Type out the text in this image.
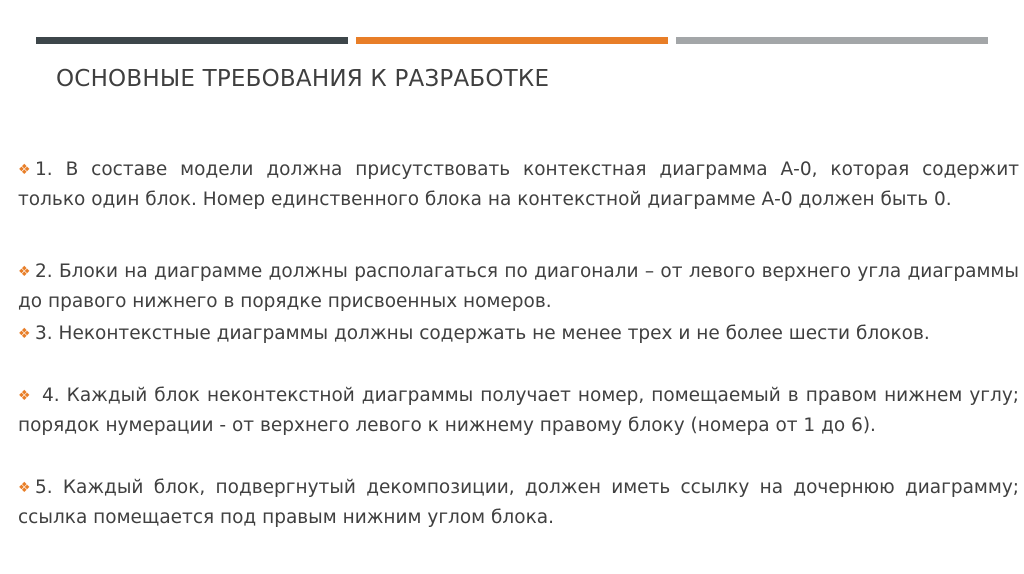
ОСНОВНЫЕ ТРЕБОВАНИЯ К РАЗРАБОТКЕ

❖ 1. В составе модели должна присутствовать контекстная диаграмма А-0, которая содержит только один блок. Номер единственного блока на контекстной диаграмме А-0 должен быть 0.

❖ 2. Блоки на диаграмме должны располагаться по диагонали – от левого верхнего угла диаграммы до правого нижнего в порядке присвоенных номеров.

❖ 3. Неконтекстные диаграммы должны содержать не менее трех и не более шести блоков.

❖ 4. Каждый блок неконтекстной диаграммы получает номер, помещаемый в правом нижнем углу; порядок нумерации - от верхнего левого к нижнему правому блоку (номера от 1 до 6).

❖ 5. Каждый блок, подвергнутый декомпозиции, должен иметь ссылку на дочернюю диаграмму; ссылка помещается под правым нижним углом блока.
